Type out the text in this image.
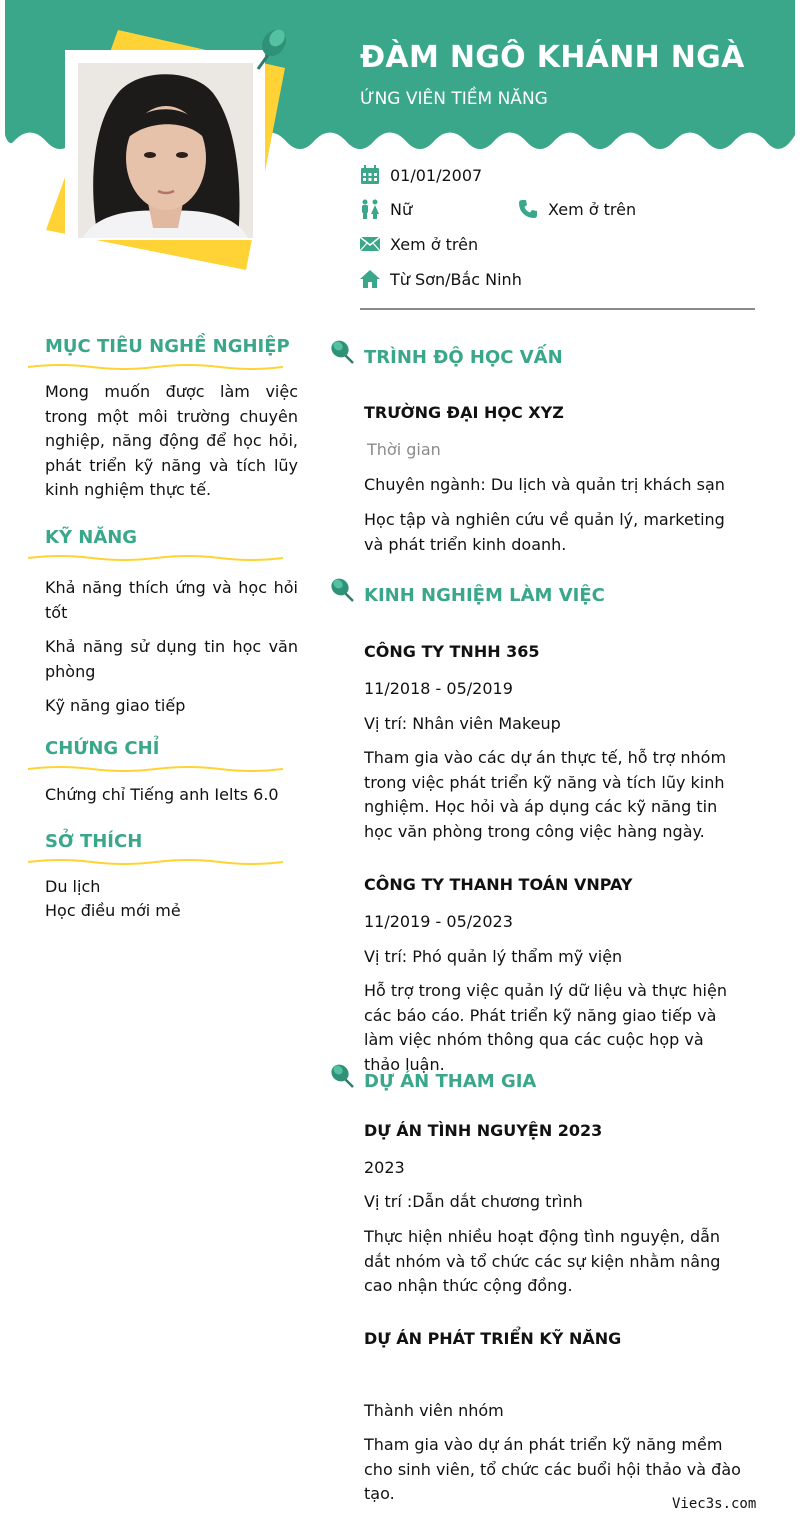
ĐÀM NGÔ KHÁNH NGÀ
ỨNG VIÊN TIỀM NĂNG
01/01/2007
Nữ	Xem ở trên
Xem ở trên
Từ Sơn/Bắc Ninh
MỤC TIÊU NGHỀ NGHIỆP
Mong muốn được làm việc trong một môi trường chuyên nghiệp, năng động để học hỏi, phát triển kỹ năng và tích lũy kinh nghiệm thực tế.
KỸ NĂNG
Khả năng thích ứng và học hỏi tốt
Khả năng sử dụng tin học văn phòng
Kỹ năng giao tiếp
CHỨNG CHỈ
Chứng chỉ Tiếng anh Ielts 6.0
SỞ THÍCH
Du lịch
Học điều mới mẻ
TRÌNH ĐỘ HỌC VẤN
TRƯỜNG ĐẠI HỌC XYZ
Thời gian
Chuyên ngành: Du lịch và quản trị khách sạn
Học tập và nghiên cứu về quản lý, marketing và phát triển kinh doanh.
KINH NGHIỆM LÀM VIỆC
CÔNG TY TNHH 365
11/2018 - 05/2019
Vị trí: Nhân viên Makeup
Tham gia vào các dự án thực tế, hỗ trợ nhóm trong việc phát triển kỹ năng và tích lũy kinh nghiệm. Học hỏi và áp dụng các kỹ năng tin học văn phòng trong công việc hàng ngày.
CÔNG TY THANH TOÁN VNPAY
11/2019 - 05/2023
Vị trí: Phó quản lý thẩm mỹ viện
Hỗ trợ trong việc quản lý dữ liệu và thực hiện các báo cáo. Phát triển kỹ năng giao tiếp và làm việc nhóm thông qua các cuộc họp và thảo luận.
DỰ ÁN THAM GIA
DỰ ÁN TÌNH NGUYỆN 2023
2023
Vị trí :Dẫn dắt chương trình
Thực hiện nhiều hoạt động tình nguyện, dẫn dắt nhóm và tổ chức các sự kiện nhằm nâng cao nhận thức cộng đồng.
DỰ ÁN PHÁT TRIỂN KỸ NĂNG
Thành viên nhóm
Tham gia vào dự án phát triển kỹ năng mềm cho sinh viên, tổ chức các buổi hội thảo và đào tạo.
Viec3s.com
